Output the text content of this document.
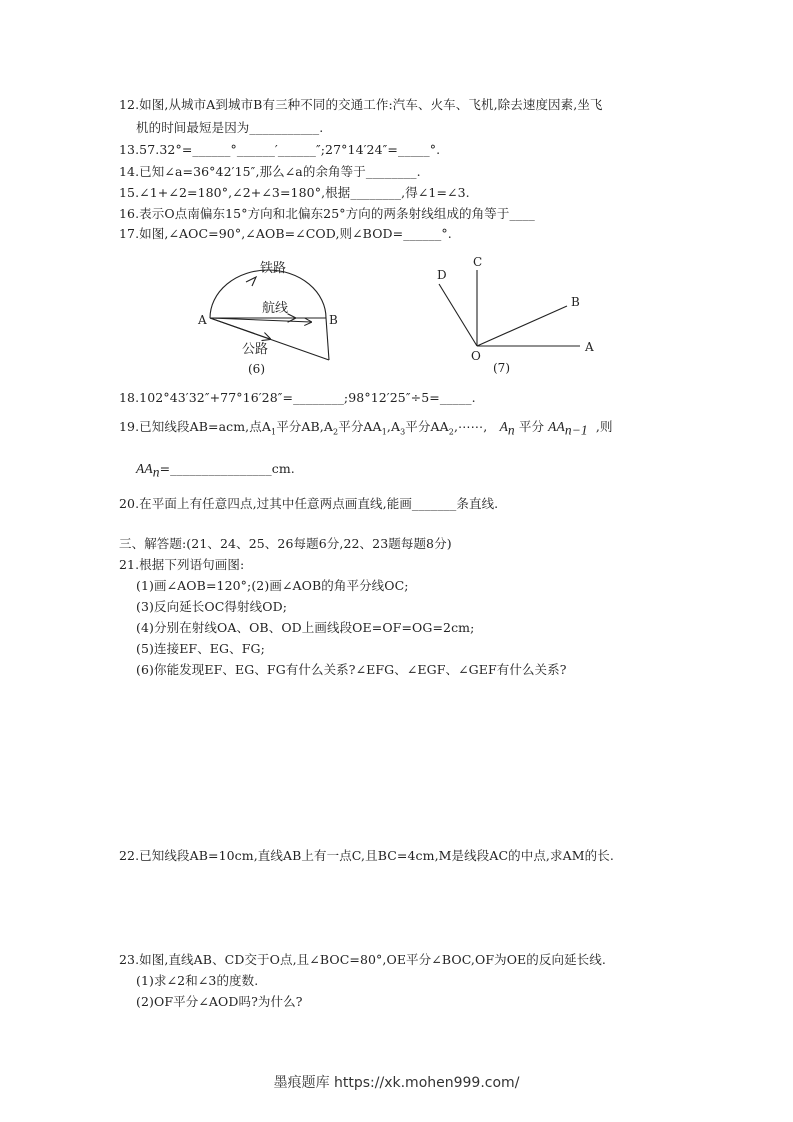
12.如图,从城市A到城市B有三种不同的交通工作:汽车、火车、飞机,除去速度因素,坐飞
机的时间最短是因为___________.
13.57.32°=______°______′______″;27°14′24″=_____°.
14.已知∠a=36°42′15″,那么∠a的余角等于________.
15.∠1+∠2=180°,∠2+∠3=180°,根据________,得∠1=∠3.
16.表示O点南偏东15°方向和北偏东25°方向的两条射线组成的角等于____
17.如图,∠AOC=90°,∠AOB=∠COD,则∠BOD=______°.
铁路
航线
公路
A	B
(6)
C
D
B
O
A
(7)
18.102°43′32″+77°16′28″=________;98°12′25″÷5=_____.
19.已知线段AB=acm,点$A_1$平分$AB,A_2$平分$AA_1,A_3$平分$AA_2,\cdots\cdots$, $A_n$ 平分 $AA_{n-1}$ ,则
$AA_n=\_\_\_\_\_\_\_\_\_\_\_\_\_\_\_\_cm$.
20.在平面上有任意四点,过其中任意两点画直线,能画_______条直线.
三、解答题:(21、24、25、26每题6分,22、23题每题8分)
21.根据下列语句画图:
(1)画∠AOB=120°;(2)画∠AOB的角平分线OC;
(3)反向延长OC得射线OD;
(4)分别在射线OA、OB、OD上画线段OE=OF=OG=2cm;
(5)连接EF、EG、FG;
(6)你能发现EF、EG、FG有什么关系?∠EFG、∠EGF、∠GEF有什么关系?
22.已知线段AB=10cm,直线AB上有一点C,且BC=4cm,M是线段AC的中点,求AM的长.
23.如图,直线AB、CD交于O点,且∠BOC=80°,OE平分∠BOC,OF为OE的反向延长线.
(1)求∠2和∠3的度数.
(2)OF平分∠AOD吗?为什么?
墨痕题库 https://xk.mohen999.com/
